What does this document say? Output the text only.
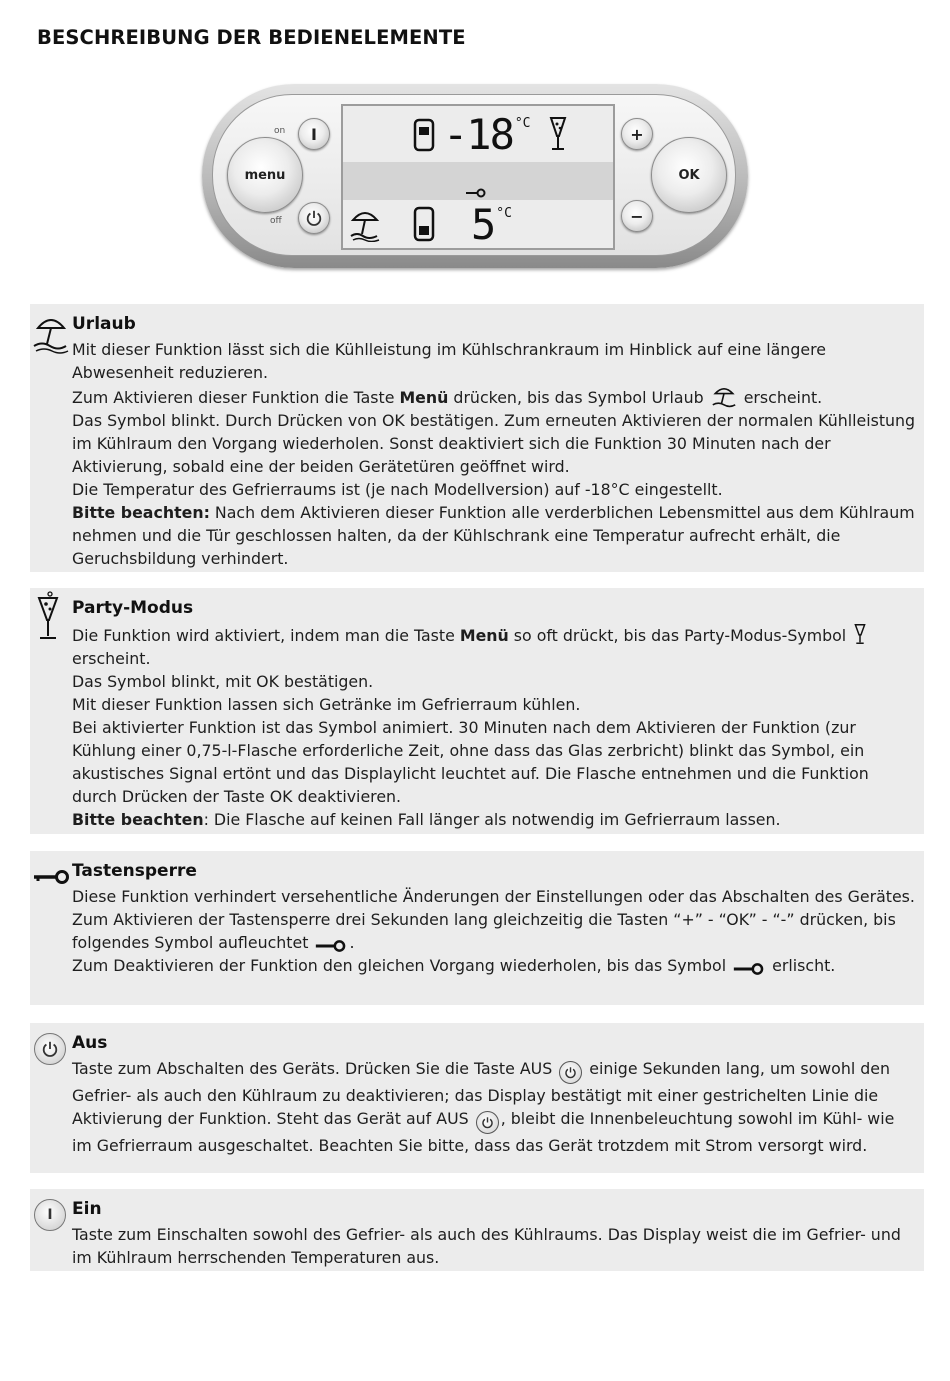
BESCHREIBUNG DER BEDIENELEMENTE
on
off
I
menu
-18 $^{^\circ C}$
5 $^{^\circ C}$
+
−
OK
Urlaub

Mit dieser Funktion lässt sich die Kühlleistung im Kühlschrankraum im Hinblick auf eine längere Abwesenheit reduzieren.

Zum Aktivieren dieser Funktion die Taste Menü drücken, bis das Symbol Urlaub  erscheint.

Das Symbol blinkt. Durch Drücken von OK bestätigen. Zum erneuten Aktivieren der normalen Kühlleistung im Kühlraum den Vorgang wiederholen. Sonst deaktiviert sich die Funktion 30 Minuten nach der Aktivierung, sobald eine der beiden Gerätetüren geöffnet wird.

Die Temperatur des Gefrierraums ist (je nach Modellversion) auf -18°C eingestellt.

Bitte beachten: Nach dem Aktivieren dieser Funktion alle verderblichen Lebensmittel aus dem Kühlraum nehmen und die Tür geschlossen halten, da der Kühlschrank eine Temperatur aufrecht erhält, die Geruchsbildung verhindert.

Party-Modus

Die Funktion wird aktiviert, indem man die Taste Menü so oft drückt, bis das Party-Modus-Symbol  erscheint.

Das Symbol blinkt, mit OK bestätigen.

Mit dieser Funktion lassen sich Getränke im Gefrierraum kühlen.

Bei aktivierter Funktion ist das Symbol animiert. 30 Minuten nach dem Aktivieren der Funktion (zur Kühlung einer 0,75-l-Flasche erforderliche Zeit, ohne dass das Glas zerbricht) blinkt das Symbol, ein akustisches Signal ertönt und das Displaylicht leuchtet auf. Die Flasche entnehmen und die Funktion durch Drücken der Taste OK deaktivieren.

Bitte beachten: Die Flasche auf keinen Fall länger als notwendig im Gefrierraum lassen.

Tastensperre

Diese Funktion verhindert versehentliche Änderungen der Einstellungen oder das Abschalten des Gerätes.

Zum Aktivieren der Tastensperre drei Sekunden lang gleichzeitig die Tasten “+” - “OK” - “-” drücken, bis folgendes Symbol aufleuchtet .

Zum Deaktivieren der Funktion den gleichen Vorgang wiederholen, bis das Symbol  erlischt.

Aus

Taste zum Abschalten des Geräts. Drücken Sie die Taste AUS
einige Sekunden lang, um sowohl den Gefrier- als auch den Kühlraum zu deaktivieren; das Display bestätigt mit einer gestrichelten Linie die Aktivierung der Funktion. Steht das Gerät auf AUS
, bleibt die Innenbeleuchtung sowohl im Kühl- wie im Gefrierraum ausgeschaltet. Beachten Sie bitte, dass das Gerät trotzdem mit Strom versorgt wird.

I Ein

Taste zum Einschalten sowohl des Gefrier- als auch des Kühlraums. Das Display weist die im Gefrier- und im Kühlraum herrschenden Temperaturen aus.
